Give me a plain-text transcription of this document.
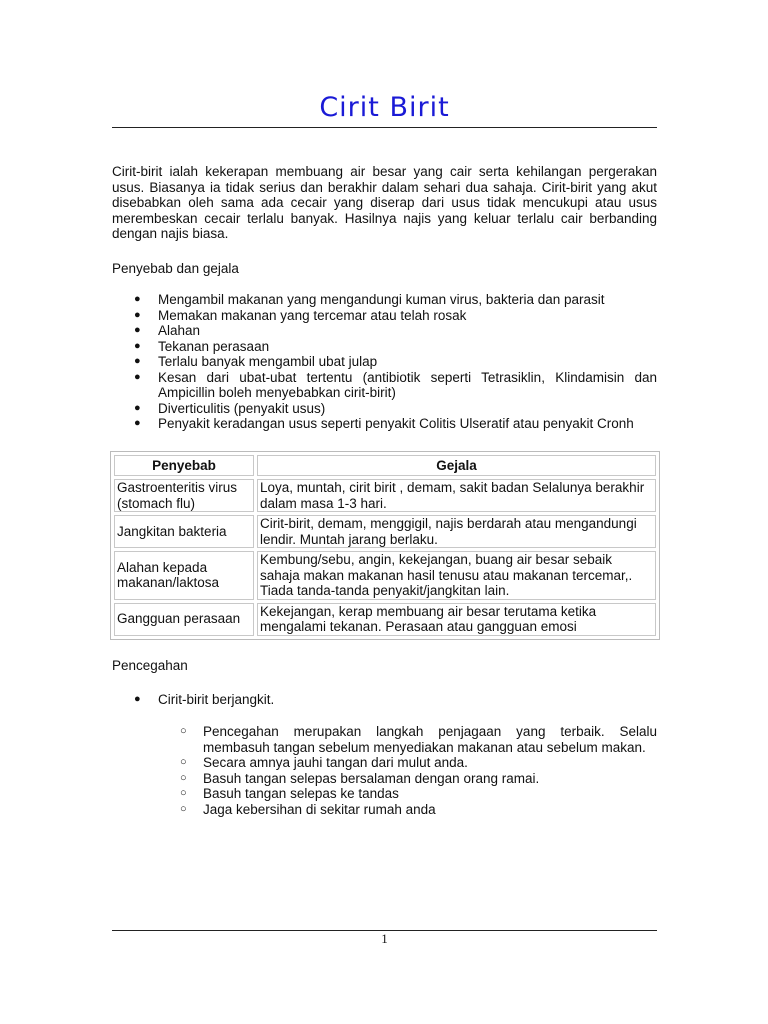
Cirit Birit

Cirit-birit ialah kekerapan membuang air besar yang cair serta kehilangan pergerakan usus. Biasanya ia tidak serius dan berakhir dalam sehari dua sahaja. Cirit-birit yang akut disebabkan oleh sama ada cecair yang diserap dari usus tidak mencukupi atau usus merembeskan cecair terlalu banyak. Hasilnya najis yang keluar terlalu cair berbanding dengan najis biasa.

Penyebab dan gejala

● Mengambil makanan yang mengandungi kuman virus, bakteria dan parasit
● Memakan makanan yang tercemar atau telah rosak
● Alahan
● Tekanan perasaan
● Terlalu banyak mengambil ubat julap
● Kesan dari ubat-ubat tertentu (antibiotik seperti Tetrasiklin, Klindamisin dan Ampicillin boleh menyebabkan cirit-birit)
● Diverticulitis (penyakit usus)
● Penyakit keradangan usus seperti penyakit Colitis Ulseratif atau penyakit Cronh
Penyebab	Gejala
Gastroenteritis virus (stomach flu)	Loya, muntah, cirit birit , demam, sakit badan Selalunya berakhir dalam masa 1-3 hari.
Jangkitan bakteria	Cirit-birit, demam, menggigil, najis berdarah atau mengandungi lendir. Muntah jarang berlaku.
Alahan kepada makanan/laktosa	Kembung/sebu, angin, kekejangan, buang air besar sebaik sahaja makan makanan hasil tenusu atau makanan tercemar,. Tiada tanda-tanda penyakit/jangkitan lain.
Gangguan perasaan	Kekejangan, kerap membuang air besar terutama ketika mengalami tekanan. Perasaan atau gangguan emosi

Pencegahan

● Cirit-birit berjangkit.
○ Pencegahan merupakan langkah penjagaan yang terbaik. Selalu membasuh tangan sebelum menyediakan makanan atau sebelum makan.
○ Secara amnya jauhi tangan dari mulut anda.
○ Basuh tangan selepas bersalaman dengan orang ramai.
○ Basuh tangan selepas ke tandas
○ Jaga kebersihan di sekitar rumah anda
1
